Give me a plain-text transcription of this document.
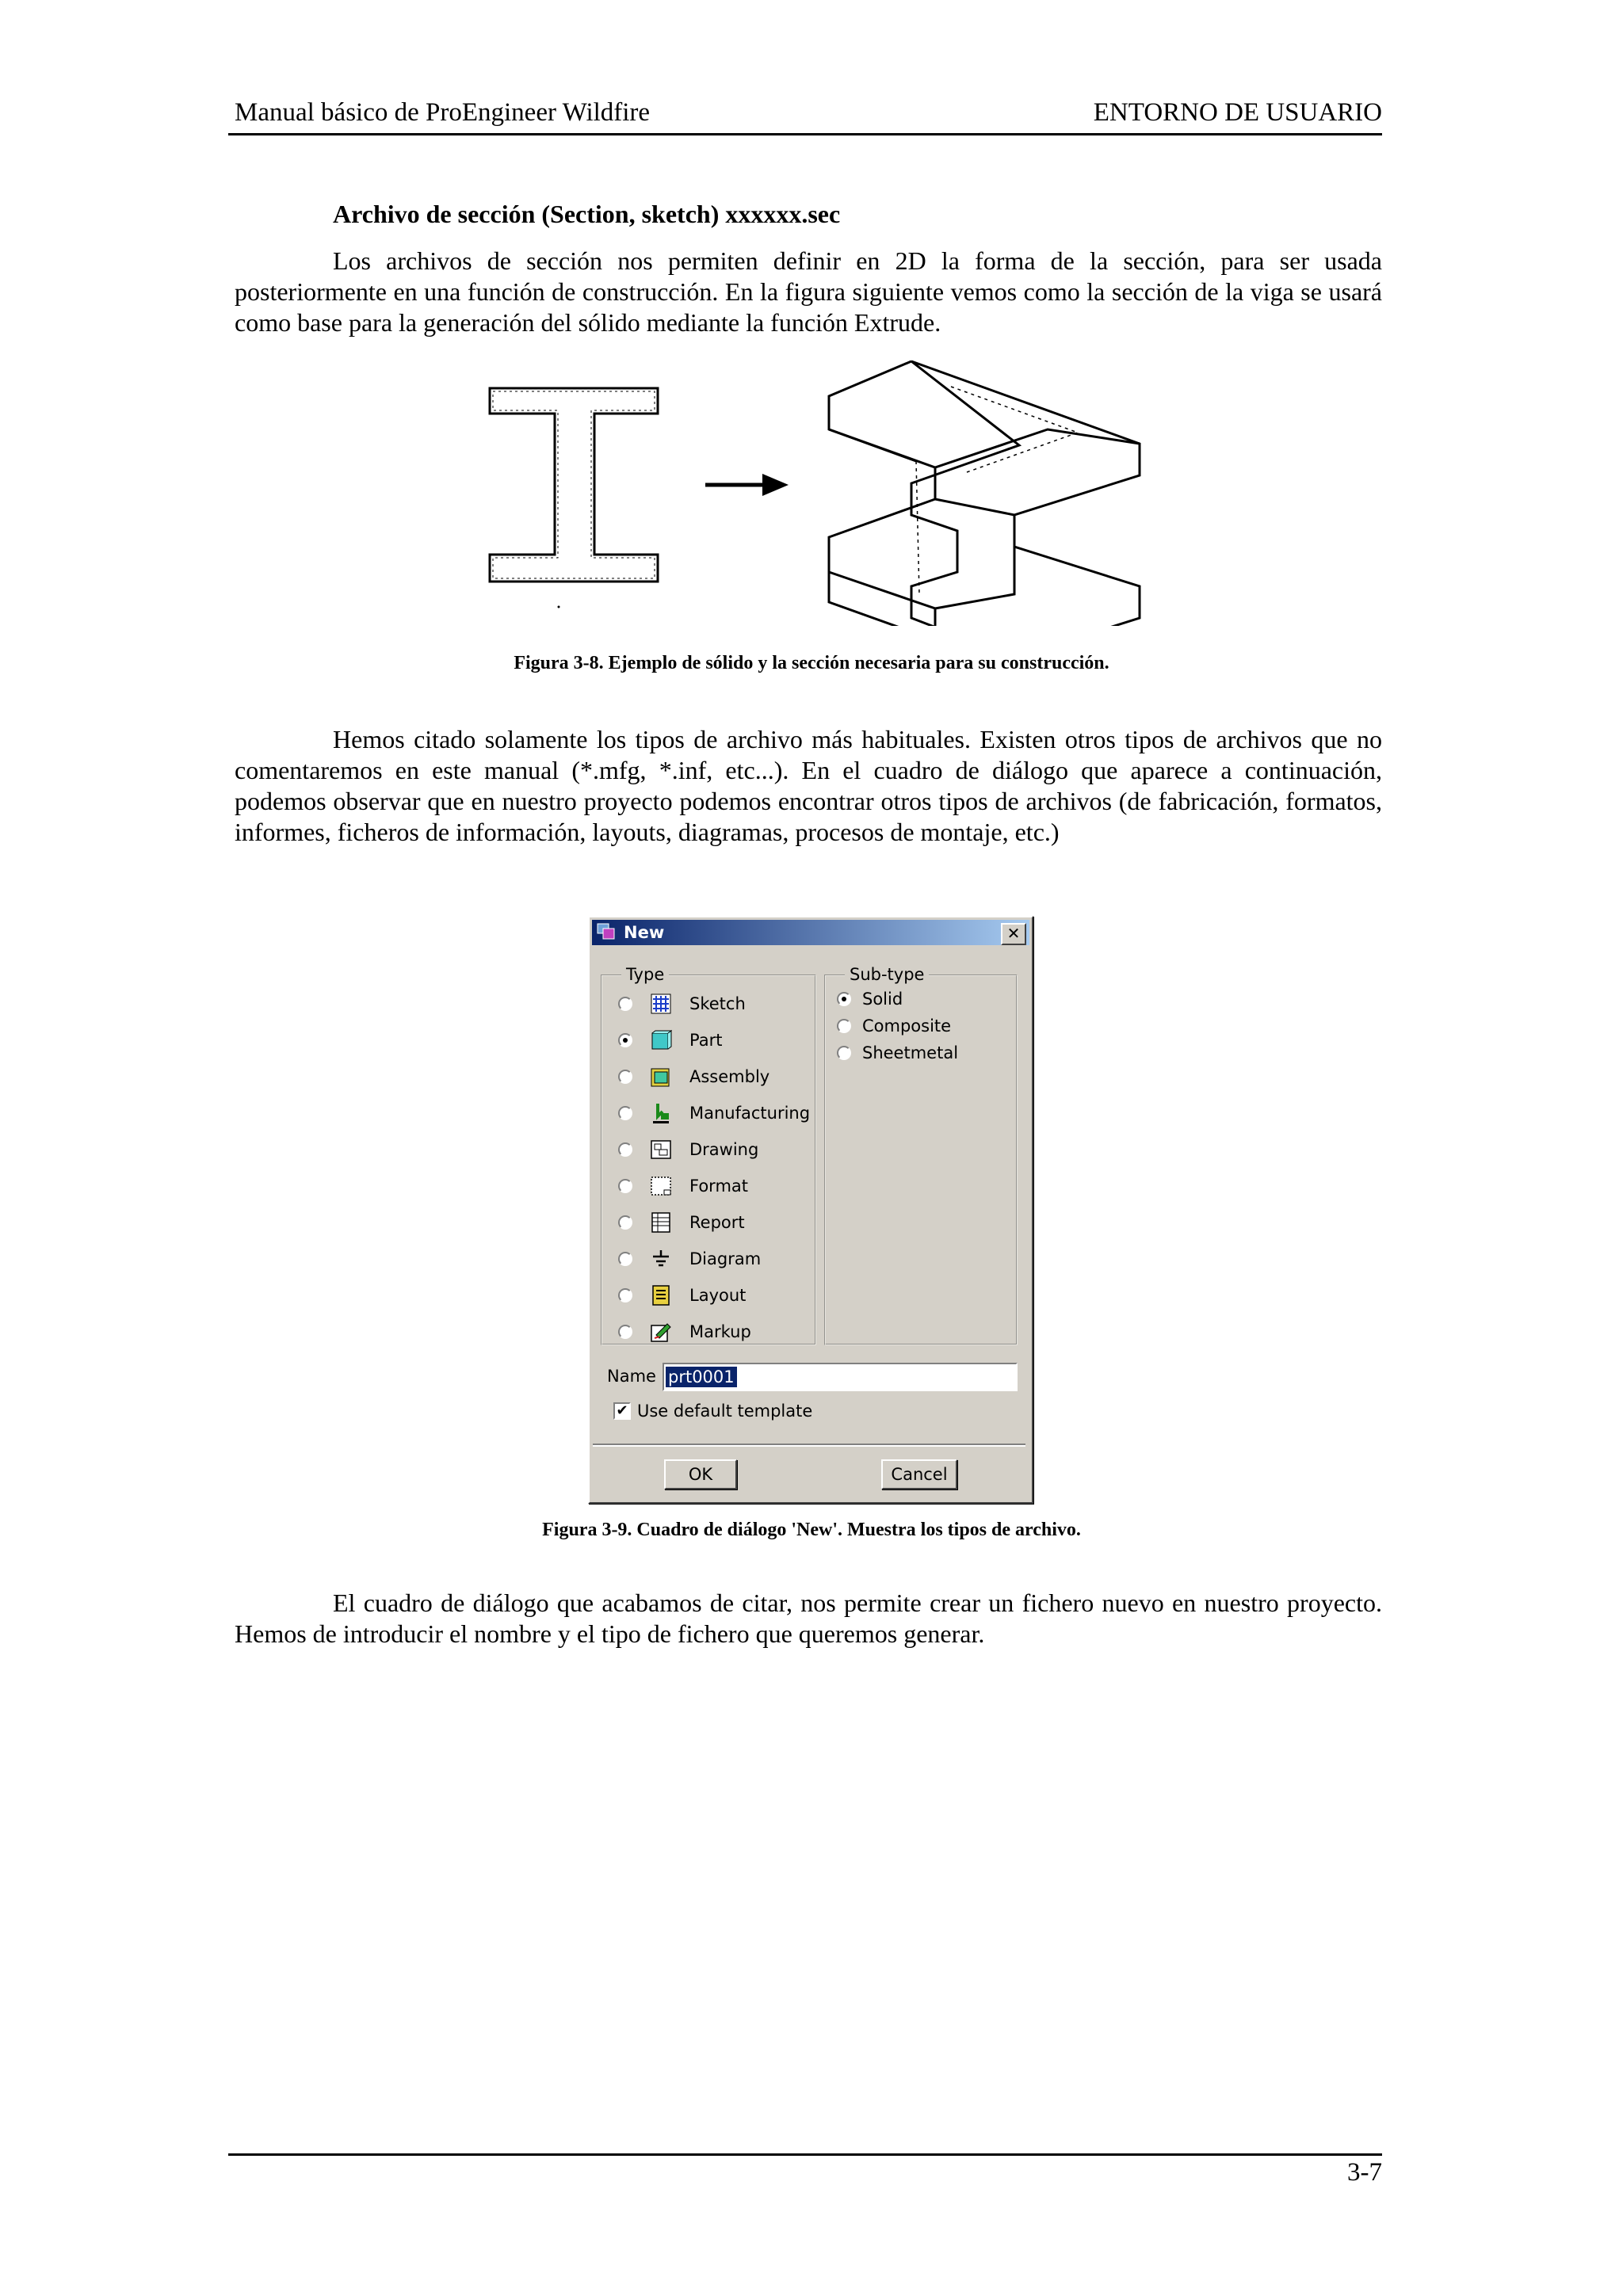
Manual básico de ProEngineer Wildfire	ENTORNO DE USUARIO
Archivo de sección (Section, sketch) xxxxxx.sec
Los archivos de sección nos permiten definir en 2D la forma de la sección, para ser usada posteriormente en una función de construcción. En la figura siguiente vemos como la sección de la viga se usará como base para la generación del sólido mediante la función Extrude.
Figura 3-8. Ejemplo de sólido y la sección necesaria para su construcción.
Hemos citado solamente los tipos de archivo más habituales. Existen otros tipos de archivos que no comentaremos en este manual (*.mfg, *.inf, etc...). En el cuadro de diálogo que aparece a continuación, podemos observar que en nuestro proyecto podemos encontrar otros tipos de archivos (de fabricación, formatos, informes, ficheros de información, layouts, diagramas, procesos de montaje, etc.)
New	✕
Type
Sketch
Part
Assembly
Manufacturing
Drawing
Format
Report
Diagram
Layout
Markup
Sub-type
Solid
Composite
Sheetmetal
Name prt0001
✔ Use default template
OK	Cancel
Figura 3-9. Cuadro de diálogo 'New'. Muestra los tipos de archivo.
El cuadro de diálogo que acabamos de citar, nos permite crear un fichero nuevo en nuestro proyecto. Hemos de introducir el nombre y el tipo de fichero que queremos generar.
3-7
